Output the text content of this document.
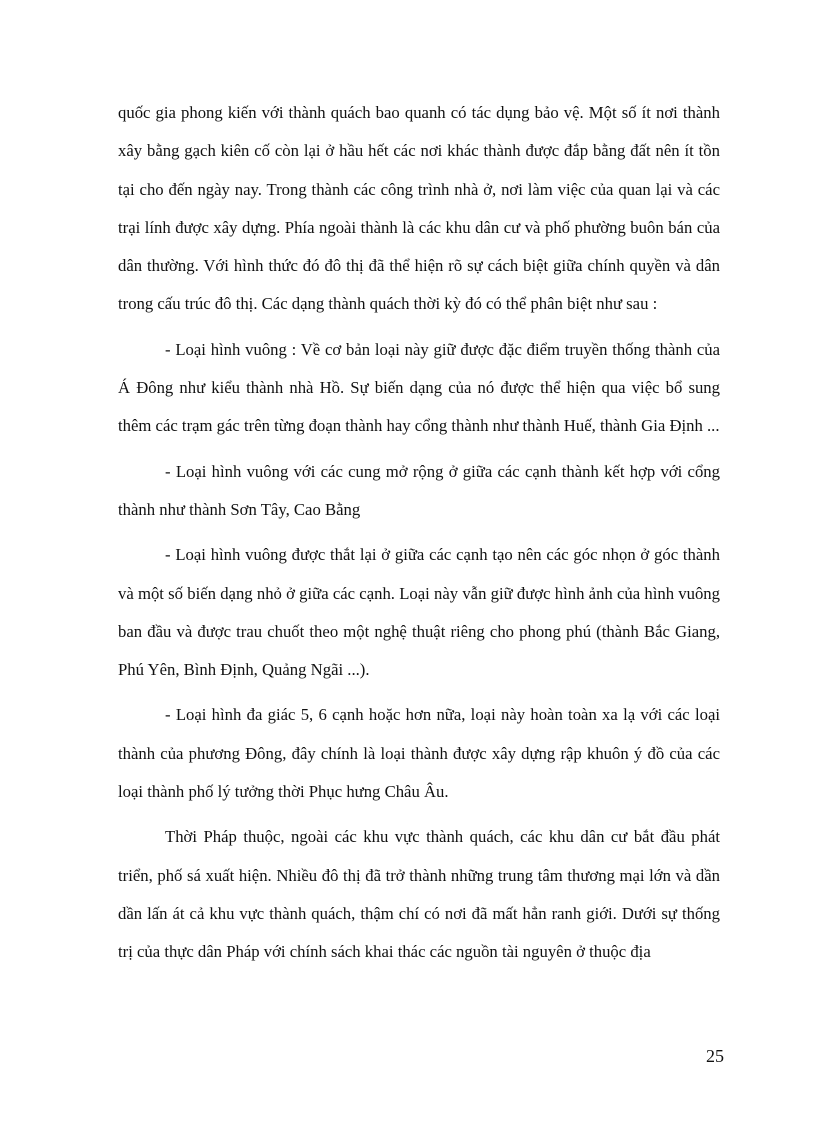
quốc gia phong kiến với thành quách bao quanh có tác dụng bảo vệ. Một số ít nơi thành xây bằng gạch kiên cố còn lại ở hầu hết các nơi khác thành được đắp bằng đất nên ít tồn tại cho đến ngày nay. Trong thành các công trình nhà ở, nơi làm việc của quan lại và các trại lính được xây dựng. Phía ngoài thành là các khu dân cư và phố phường buôn bán của dân thường. Với hình thức đó đô thị đã thể hiện rõ sự cách biệt giữa chính quyền và dân trong cấu trúc đô thị. Các dạng thành quách thời kỳ đó có thể phân biệt như sau :

- Loại hình vuông : Về cơ bản loại này giữ được đặc điểm truyền thống thành của Á Đông như kiểu thành nhà Hồ. Sự biến dạng của nó được thể hiện qua việc bổ sung thêm các trạm gác trên từng đoạn thành hay cổng thành như thành Huế, thành Gia Định ...

- Loại hình vuông với các cung mở rộng ở giữa các cạnh thành kết hợp với cổng thành như thành Sơn Tây, Cao Bằng

- Loại hình vuông được thắt lại ở giữa các cạnh tạo nên các góc nhọn ở góc thành và một số biến dạng nhỏ ở giữa các cạnh. Loại này vẫn giữ được hình ảnh của hình vuông ban đầu và được trau chuốt theo một nghệ thuật riêng cho phong phú (thành Bắc Giang, Phú Yên, Bình Định, Quảng Ngãi ...).

- Loại hình đa giác 5, 6 cạnh hoặc hơn nữa, loại này hoàn toàn xa lạ với các loại thành của phương Đông, đây chính là loại thành được xây dựng rập khuôn ý đồ của các loại thành phố lý tưởng thời Phục hưng Châu Âu.

Thời Pháp thuộc, ngoài các khu vực thành quách, các khu dân cư bắt đầu phát triển, phố sá xuất hiện. Nhiều đô thị đã trở thành những trung tâm thương mại lớn và dần dần lấn át cả khu vực thành quách, thậm chí có nơi đã mất hẳn ranh giới. Dưới sự thống trị của thực dân Pháp với chính sách khai thác các nguồn tài nguyên ở thuộc địa

25
